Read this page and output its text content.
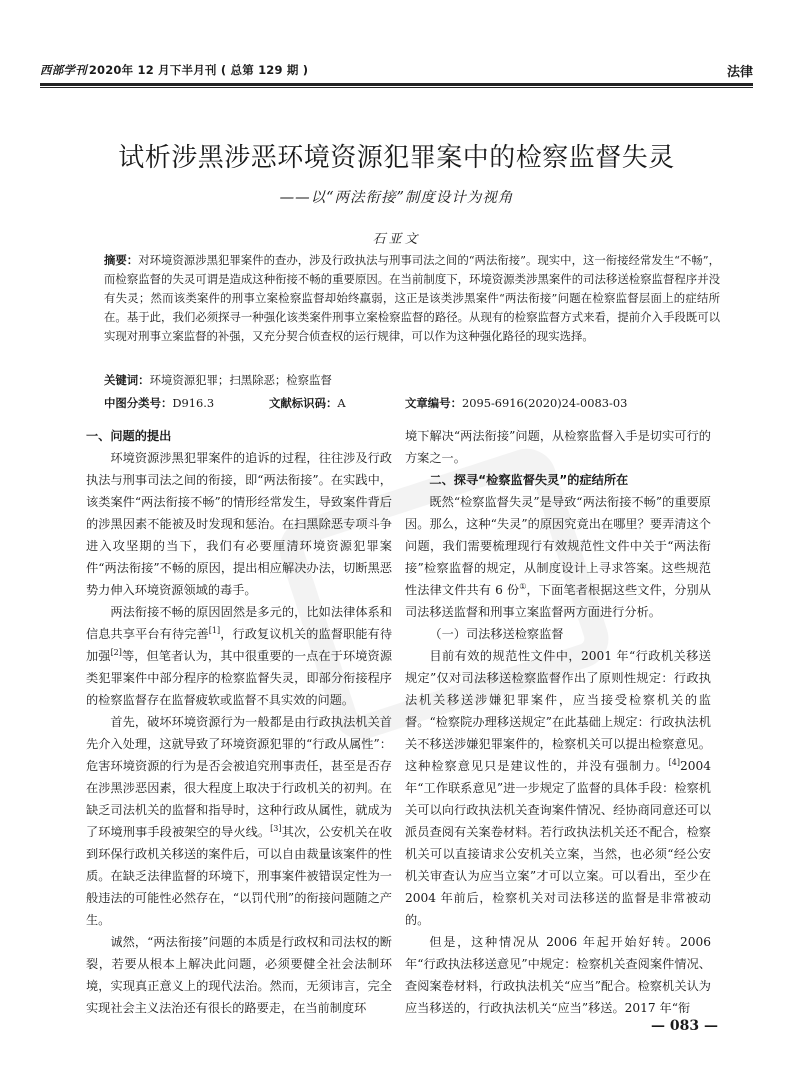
西部学刊 2020年 12 月下半月刊 ( 总第 129 期 )	法律
试析涉黑涉恶环境资源犯罪案中的检察监督失灵
——以“两法衔接”制度设计为视角
石亚文
摘要：对环境资源涉黑犯罪案件的查办，涉及行政执法与刑事司法之间的“两法衔接”。现实中，这一衔接经常发生“不畅”，而检察监督的失灵可谓是造成这种衔接不畅的重要原因。在当前制度下，环境资源类涉黑案件的司法移送检察监督程序并没有失灵；然而该类案件的刑事立案检察监督却始终羸弱，这正是该类涉黑案件“两法衔接”问题在检察监督层面上的症结所在。基于此，我们必须探寻一种强化该类案件刑事立案检察监督的路径。从现有的检察监督方式来看，提前介入手段既可以实现对刑事立案监督的补强，又充分契合侦查权的运行规律，可以作为这种强化路径的现实选择。
关键词：环境资源犯罪；扫黑除恶；检察监督
中图分类号：D916.3	文献标识码：A	文章编号：2095-6916(2020)24-0083-03
一、问题的提出

环境资源涉黑犯罪案件的追诉的过程，往往涉及行政执法与刑事司法之间的衔接，即“两法衔接”。在实践中，该类案件“两法衔接不畅”的情形经常发生，导致案件背后的涉黑因素不能被及时发现和惩治。在扫黑除恶专项斗争进入攻坚期的当下，我们有必要厘清环境资源犯罪案件“两法衔接”不畅的原因，提出相应解决办法，切断黑恶势力伸入环境资源领域的毒手。

两法衔接不畅的原因固然是多元的，比如法律体系和信息共享平台有待完善[1]，行政复议机关的监督职能有待加强[2]等，但笔者认为，其中很重要的一点在于环境资源类犯罪案件中部分程序的检察监督失灵，即部分衔接程序的检察监督存在监督疲软或监督不具实效的问题。

首先，破坏环境资源行为一般都是由行政执法机关首先介入处理，这就导致了环境资源犯罪的“行政从属性”：危害环境资源的行为是否会被追究刑事责任，甚至是否存在涉黑涉恶因素，很大程度上取决于行政机关的初判。在缺乏司法机关的监督和指导时，这种行政从属性，就成为了环境刑事手段被架空的导火线。[3]其次，公安机关在收到环保行政机关移送的案件后，可以自由裁量该案件的性质。在缺乏法律监督的环境下，刑事案件被错误定性为一般违法的可能性必然存在，“以罚代刑”的衔接问题随之产生。

诚然，“两法衔接”问题的本质是行政权和司法权的断裂，若要从根本上解决此问题，必须要健全社会法制环境，实现真正意义上的现代法治。然而，无须讳言，完全实现社会主义法治还有很长的路要走，在当前制度环

境下解决“两法衔接”问题，从检察监督入手是切实可行的方案之一。

二、探寻“检察监督失灵”的症结所在

既然“检察监督失灵”是导致“两法衔接不畅”的重要原因。那么，这种“失灵”的原因究竟出在哪里？要弄清这个问题，我们需要梳理现行有效规范性文件中关于“两法衔接”检察监督的规定，从制度设计上寻求答案。这些规范性法律文件共有 6 份①，下面笔者根据这些文件，分别从司法移送监督和刑事立案监督两方面进行分析。

（一）司法移送检察监督

目前有效的规范性文件中，2001 年“行政机关移送规定”仅对司法移送检察监督作出了原则性规定：行政执法机关移送涉嫌犯罪案件，应当接受检察机关的监督。“检察院办理移送规定”在此基础上规定：行政执法机关不移送涉嫌犯罪案件的，检察机关可以提出检察意见。这种检察意见只是建议性的，并没有强制力。[4]2004 年“工作联系意见”进一步规定了监督的具体手段：检察机关可以向行政执法机关查询案件情况、经协商同意还可以派员查阅有关案卷材料。若行政执法机关还不配合，检察机关可以直接请求公安机关立案，当然，也必须“经公安机关审查认为应当立案”才可以立案。可以看出，至少在 2004 年前后，检察机关对司法移送的监督是非常被动的。

但是，这种情况从 2006 年起开始好转。2006 年“行政执法移送意见”中规定：检察机关查阅案件情况、查阅案卷材料，行政执法机关“应当”配合。检察机关认为应当移送的，行政执法机关“应当”移送。2017 年“衔

— 083 —
